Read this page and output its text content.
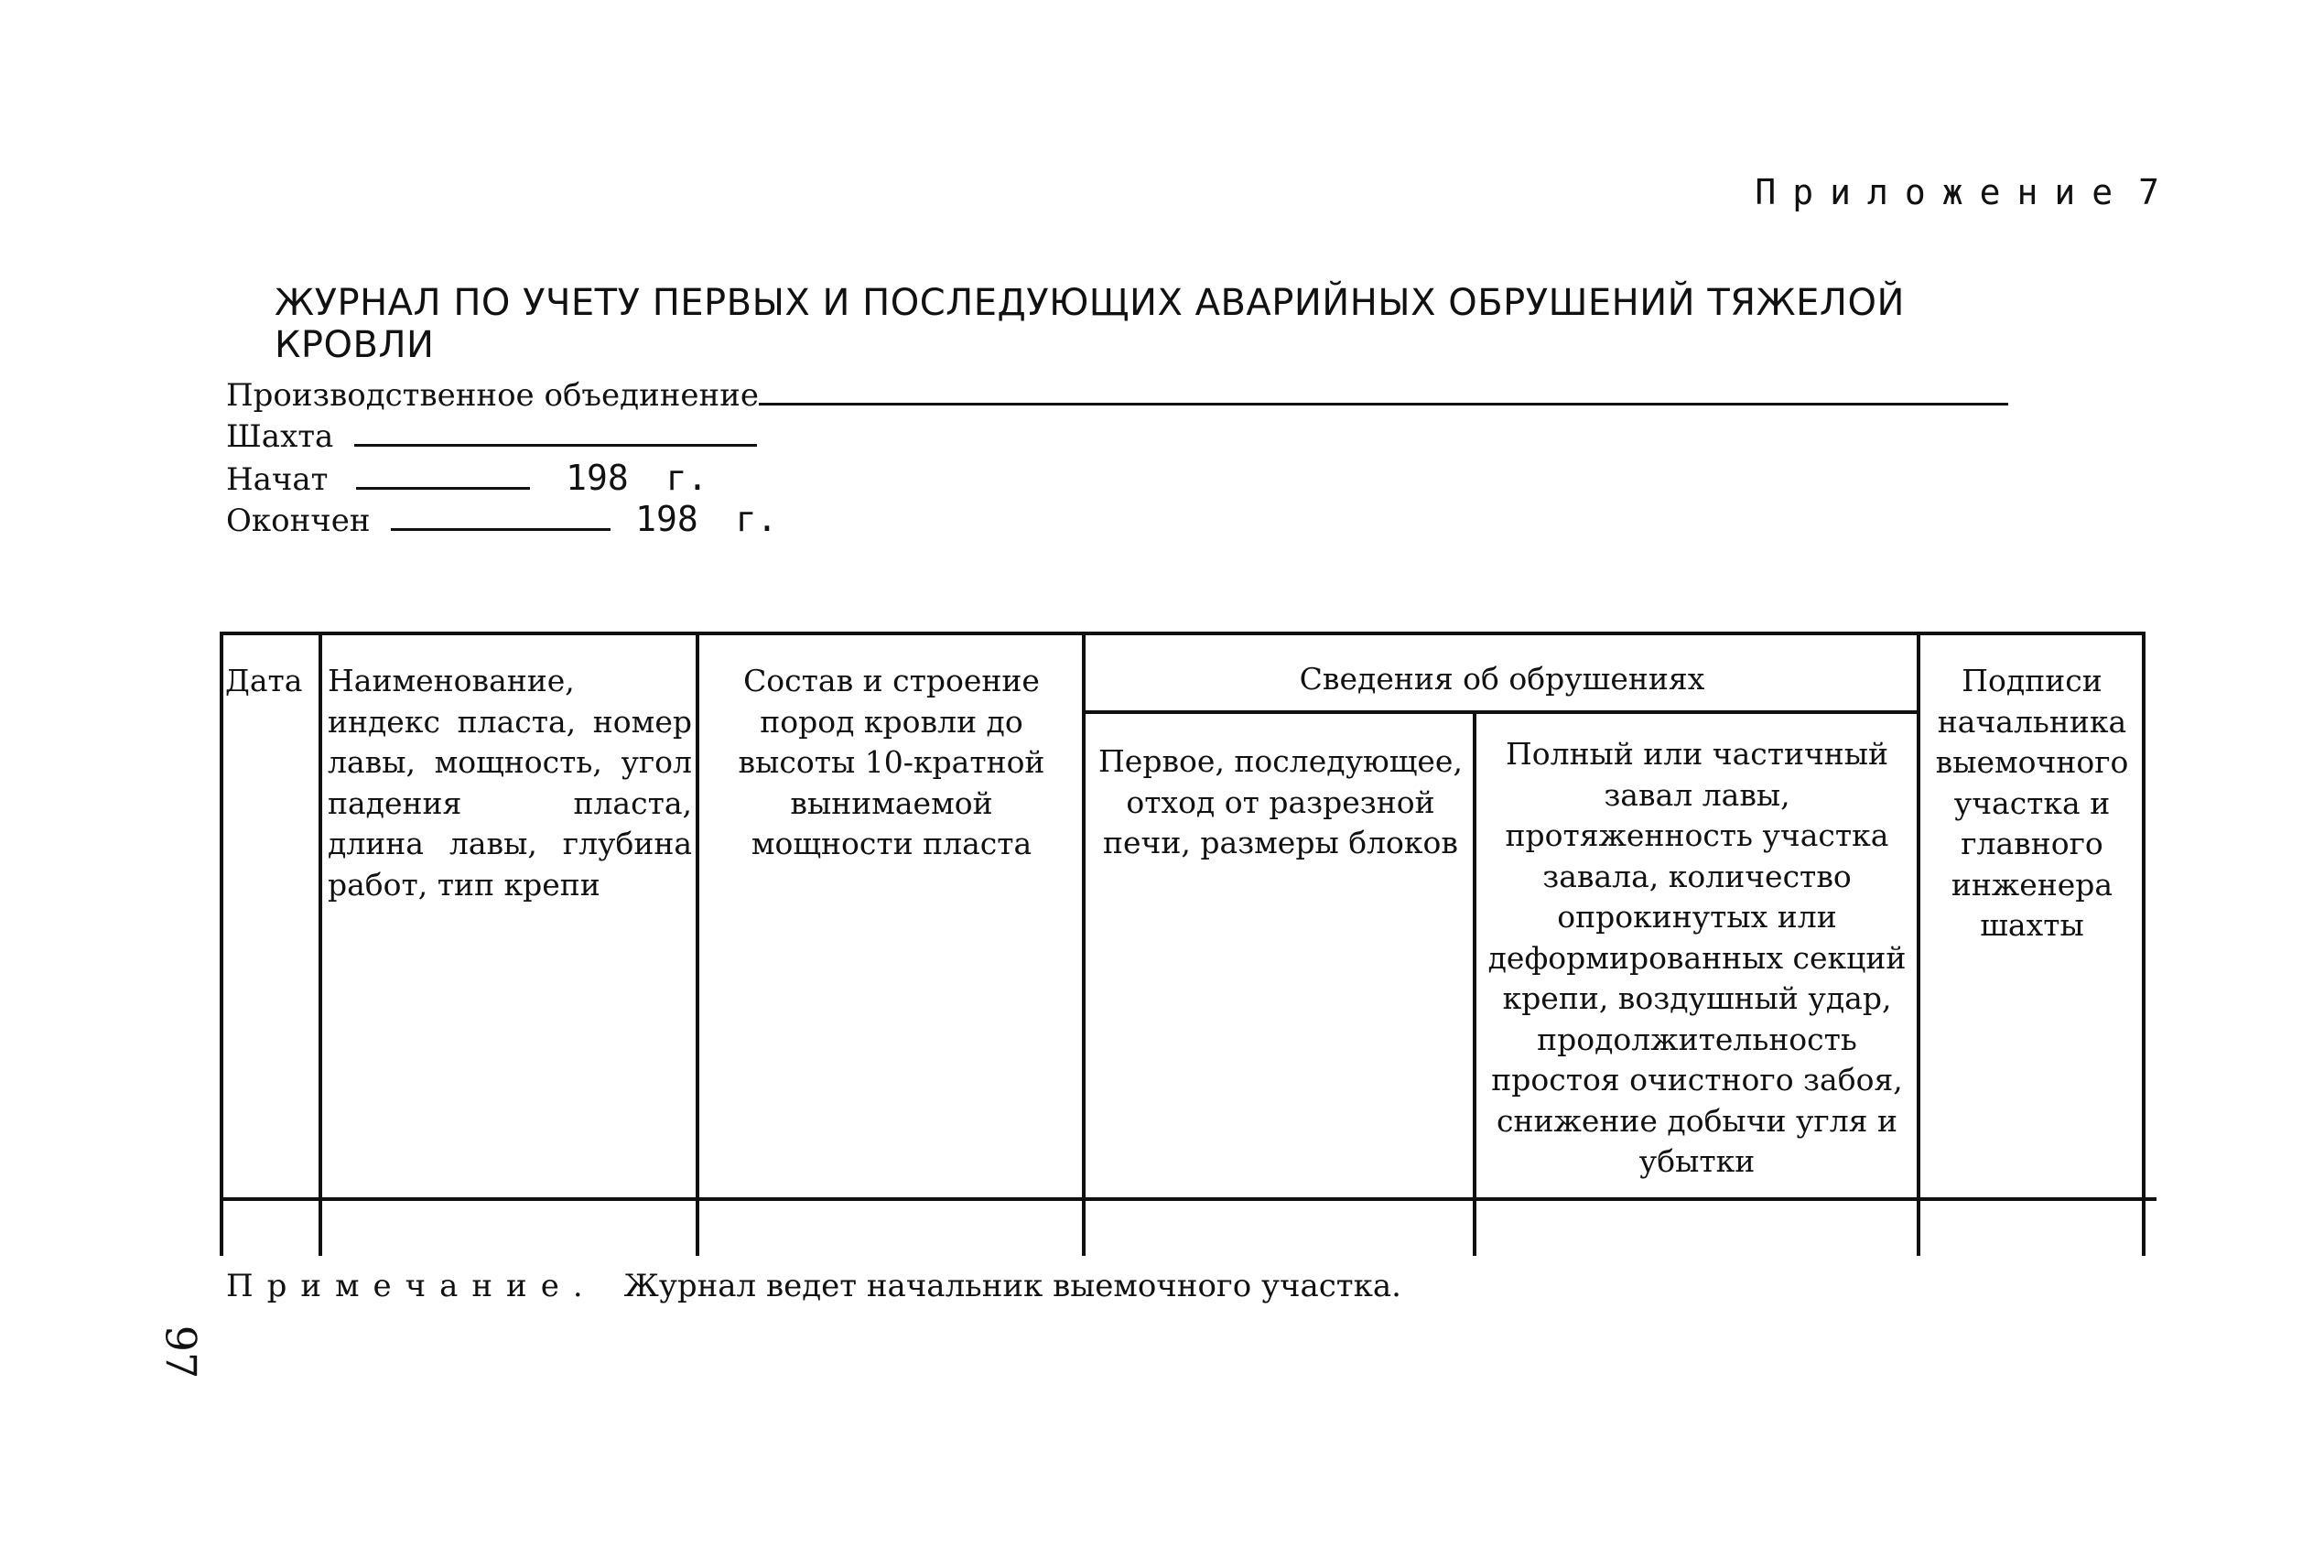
Приложение 7
ЖУРНАЛ ПО УЧЕТУ ПЕРВЫХ И ПОСЛЕДУЮЩИХ АВАРИЙНЫХ ОБРУШЕНИЙ ТЯЖЕЛОЙ КРОВЛИ
Производственное объединение
Шахта
Начат	198 г.
Окончен	198 г.
Дата Наименование, индекс пласта, номер лавы, мощность, угол падения пласта, длина лавы, глубина работ, тип крепи
Состав и строение пород кровли до высоты 10-кратной вынимаемой мощности пласта
Сведения об обрушениях
Первое, последующее, отход от разрезной печи, размеры блоков
Полный или частичный завал лавы, протяженность участка завала, количество опрокинутых или деформированных секций крепи, воздушный удар, продолжительность простоя очистного забоя, снижение добычи угля и убытки
Подписи начальника выемочного участка и главного инженера шахты
Примечание. Журнал ведет начальник выемочного участка.
97
